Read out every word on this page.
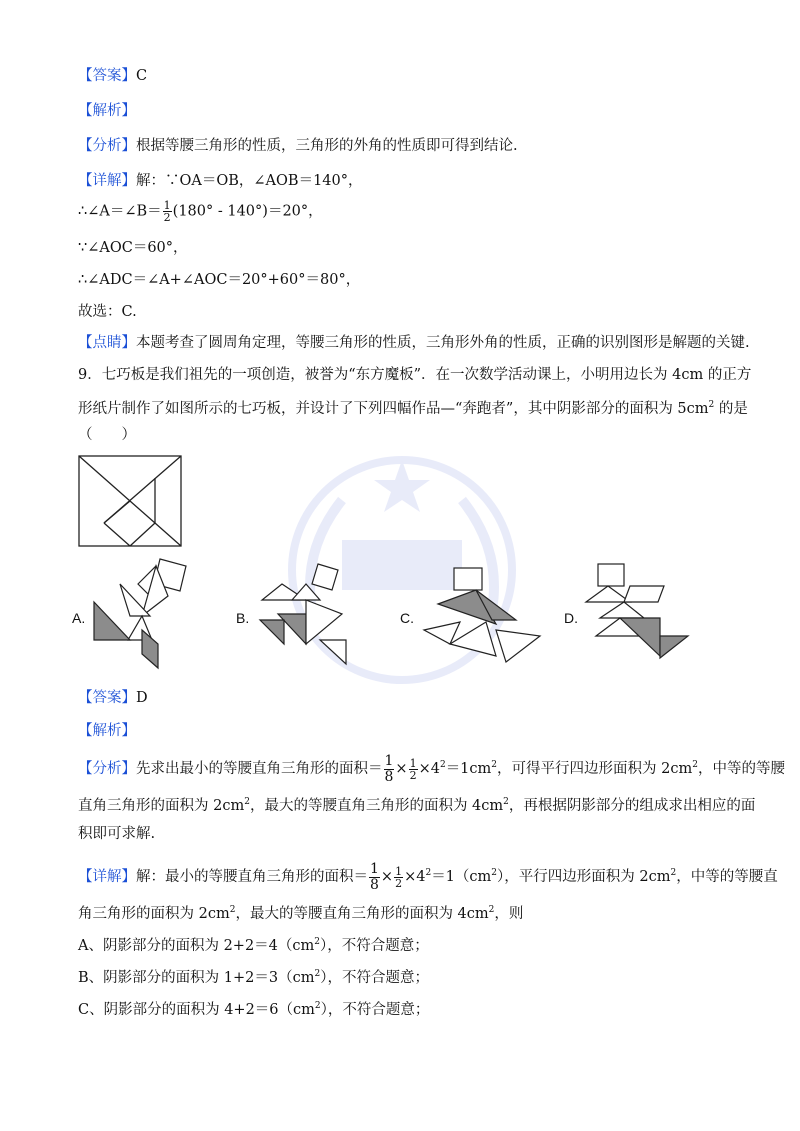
【答案】C
【解析】
【分析】根据等腰三角形的性质，三角形的外角的性质即可得到结论.
【详解】解：∵OA＝OB，∠AOB＝140°，
∴∠A＝∠B＝ $\frac{1}{2} (180^\circ - 140^\circ)=20^\circ$，
∵∠AOC＝60°，
∴∠ADC＝∠A+∠AOC＝20°+60°＝80°，
故选：C.
【点睛】本题考查了圆周角定理，等腰三角形的性质，三角形外角的性质，正确的识别图形是解题的关键.
9．七巧板是我们祖先的一项创造，被誉为“东方魔板”．在一次数学活动课上，小明用边长为 4cm 的正方
形纸片制作了如图所示的七巧板，并设计了下列四幅作品—“奔跑者”，其中阴影部分的面积为 $5cm^2$ 的是
（　　）
A.	B.	C.	D.
【答案】D
【解析】
【分析】先求出最小的等腰直角三角形的面积＝ $\frac{1}{8} \times \frac{1}{2} \times 4^2=1cm^2$，可得平行四边形面积为 $2cm^2$，中等的等腰
直角三角形的面积为 $2cm^2$，最大的等腰直角三角形的面积为 $4cm^2$，再根据阴影部分的组成求出相应的面
积即可求解.
【详解】解：最小的等腰直角三角形的面积＝ $\frac{1}{8} \times \frac{1}{2} \times 4^2=1(cm^2)$，平行四边形面积为 $2cm^2$，中等的等腰直
角三角形的面积为 $2cm^2$，最大的等腰直角三角形的面积为 $4cm^2$，则
A、阴影部分的面积为 $2+2=4(cm^2)$，不符合题意；
B、阴影部分的面积为 $1+2=3(cm^2)$，不符合题意；
C、阴影部分的面积为 $4+2=6(cm^2)$，不符合题意；
